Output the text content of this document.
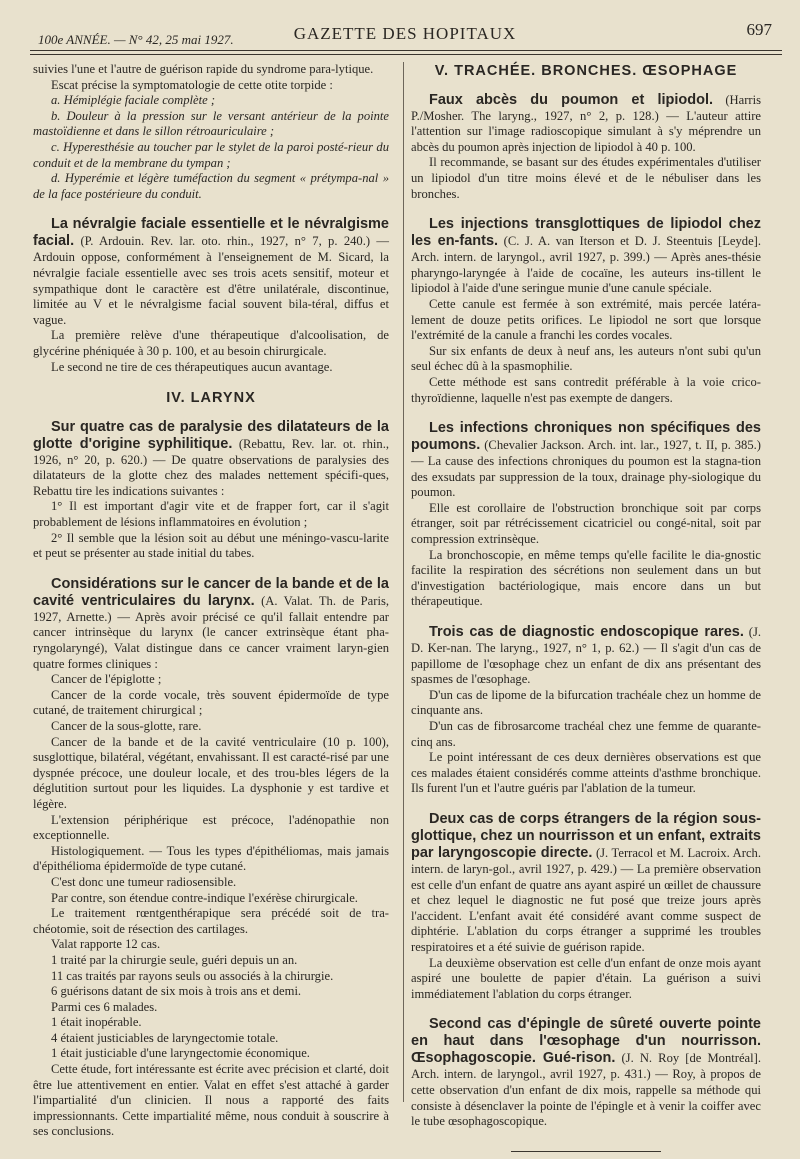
100e ANNÉE. — N° 42, 25 mai 1927.	GAZETTE DES HOPITAUX	697

suivies l'une et l'autre de guérison rapide du syndrome para-lytique.

Escat précise la symptomatologie de cette otite torpide :

a. Hémiplégie faciale complète ;

b. Douleur à la pression sur le versant antérieur de la pointe mastoïdienne et dans le sillon rétroauriculaire ;

c. Hyperesthésie au toucher par le stylet de la paroi posté-rieur du conduit et de la membrane du tympan ;

d. Hyperémie et légère tuméfaction du segment « prétympa-nal » de la face postérieure du conduit.

La névralgie faciale essentielle et le névralgisme facial. (P. Ardouin. Rev. lar. oto. rhin., 1927, n° 7, p. 240.) — Ardouin oppose, conformément à l'enseignement de M. Sicard, la névralgie faciale essentielle avec ses trois acets sensitif, moteur et sympathique dont le caractère est d'être unilatérale, discontinue, limitée au V et le névralgisme facial souvent bila-téral, diffus et vague.

La première relève d'une thérapeutique d'alcoolisation, de glycérine phéniquée à 30 p. 100, et au besoin chirurgicale.

Le second ne tire de ces thérapeutiques aucun avantage.

IV. LARYNX

Sur quatre cas de paralysie des dilatateurs de la glotte d'origine syphilitique. (Rebattu, Rev. lar. ot. rhin., 1926, n° 20, p. 620.) — De quatre observations de paralysies des dilatateurs de la glotte chez des malades nettement spécifi-ques, Rebattu tire les indications suivantes :

1° Il est important d'agir vite et de frapper fort, car il s'agit probablement de lésions inflammatoires en évolution ;

2° Il semble que la lésion soit au début une méningo-vascu-larite et peut se présenter au stade initial du tabes.

Considérations sur le cancer de la bande et de la cavité ventriculaires du larynx. (A. Valat. Th. de Paris, 1927, Arnette.) — Après avoir précisé ce qu'il fallait entendre par cancer intrinsèque du larynx (le cancer extrinsèque étant pha-ryngolaryngé), Valat distingue dans ce cancer vraiment laryn-gien quatre formes cliniques :

Cancer de l'épiglotte ;

Cancer de la corde vocale, très souvent épidermoïde de type cutané, de traitement chirurgical ;

Cancer de la sous-glotte, rare.

Cancer de la bande et de la cavité ventriculaire (10 p. 100), susglottique, bilatéral, végétant, envahissant. Il est caracté-risé par une dyspnée précoce, une douleur locale, et des trou-bles légers de la déglutition surtout pour les liquides. La dysphonie y est tardive et légère.

L'extension périphérique est précoce, l'adénopathie non exceptionnelle.

Histologiquement. — Tous les types d'épithéliomas, mais jamais d'épithélioma épidermoïde de type cutané.

C'est donc une tumeur radiosensible.

Par contre, son étendue contre-indique l'exérèse chirurgicale.

Le traitement rœntgenthérapique sera précédé soit de tra-chéotomie, soit de résection des cartilages.

Valat rapporte 12 cas.

1 traité par la chirurgie seule, guéri depuis un an.

11 cas traités par rayons seuls ou associés à la chirurgie.

6 guérisons datant de six mois à trois ans et demi.

Parmi ces 6 malades.

1 était inopérable.

4 étaient justiciables de laryngectomie totale.

1 était justiciable d'une laryngectomie économique.

Cette étude, fort intéressante est écrite avec précision et clarté, doit être lue attentivement en entier. Valat en effet s'est attaché à garder l'impartialité d'un clinicien. Il nous a rapporté des faits impressionnants. Cette impartialité même, nous conduit à souscrire à ses conclusions.

V. TRACHÉE. BRONCHES. ŒSOPHAGE

Faux abcès du poumon et lipiodol. (Harris P./Mosher. The laryng., 1927, n° 2, p. 128.) — L'auteur attire l'attention sur l'image radioscopique simulant à s'y méprendre un abcès du poumon après injection de lipiodol à 40 p. 100.

Il recommande, se basant sur des études expérimentales d'utiliser un lipiodol d'un titre moins élevé et de le nébuliser dans les bronches.

Les injections transglottiques de lipiodol chez les en-fants. (C. J. A. van Iterson et D. J. Steentuis [Leyde]. Arch. intern. de laryngol., avril 1927, p. 399.) — Après anes-thésie pharyngo-laryngée à l'aide de cocaïne, les auteurs ins-tillent le lipiodol à l'aide d'une seringue munie d'une canule spéciale.

Cette canule est fermée à son extrémité, mais percée latéra-lement de douze petits orifices. Le lipiodol ne sort que lorsque l'extrémité de la canule a franchi les cordes vocales.

Sur six enfants de deux à neuf ans, les auteurs n'ont subi qu'un seul échec dû à la spasmophilie.

Cette méthode est sans contredit préférable à la voie crico-thyroïdienne, laquelle n'est pas exempte de dangers.

Les infections chroniques non spécifiques des poumons. (Chevalier Jackson. Arch. int. lar., 1927, t. II, p. 385.) — La cause des infections chroniques du poumon est la stagna-tion des exsudats par suppression de la toux, drainage phy-siologique du poumon.

Elle est corollaire de l'obstruction bronchique soit par corps étranger, soit par rétrécissement cicatriciel ou congé-nital, soit par compression extrinsèque.

La bronchoscopie, en même temps qu'elle facilite le dia-gnostic facilite la respiration des sécrétions non seulement dans un but d'investigation bactériologique, mais encore dans un but thérapeutique.

Trois cas de diagnostic endoscopique rares. (J. D. Ker-nan. The laryng., 1927, n° 1, p. 62.) — Il s'agit d'un cas de papillome de l'œsophage chez un enfant de dix ans présentant des spasmes de l'œsophage.

D'un cas de lipome de la bifurcation trachéale chez un homme de cinquante ans.

D'un cas de fibrosarcome trachéal chez une femme de quarante-cinq ans.

Le point intéressant de ces deux dernières observations est que ces malades étaient considérés comme atteints d'asthme bronchique. Ils furent l'un et l'autre guéris par l'ablation de la tumeur.

Deux cas de corps étrangers de la région sous-glottique, chez un nourrisson et un enfant, extraits par laryngoscopie directe. (J. Terracol et M. Lacroix. Arch. intern. de laryn-gol., avril 1927, p. 429.) — La première observation est celle d'un enfant de quatre ans ayant aspiré un œillet de chaussure et chez lequel le diagnostic ne fut posé que treize jours après l'accident. L'enfant avait été considéré avant comme suspect de diphtérie. L'ablation du corps étranger a supprimé les troubles respiratoires et a été suivie de guérison rapide.

La deuxième observation est celle d'un enfant de onze mois ayant aspiré une boulette de papier d'étain. La guérison a suivi immédiatement l'ablation du corps étranger.

Second cas d'épingle de sûreté ouverte pointe en haut dans l'œsophage d'un nourrisson. Œsophagoscopie. Gué-rison. (J. N. Roy [de Montréal]. Arch. intern. de laryngol., avril 1927, p. 431.) — Roy, à propos de cette observation d'un enfant de dix mois, rappelle sa méthode qui consiste à désenclaver la pointe de l'épingle et à venir la coiffer avec le tube œsophagoscopique.
